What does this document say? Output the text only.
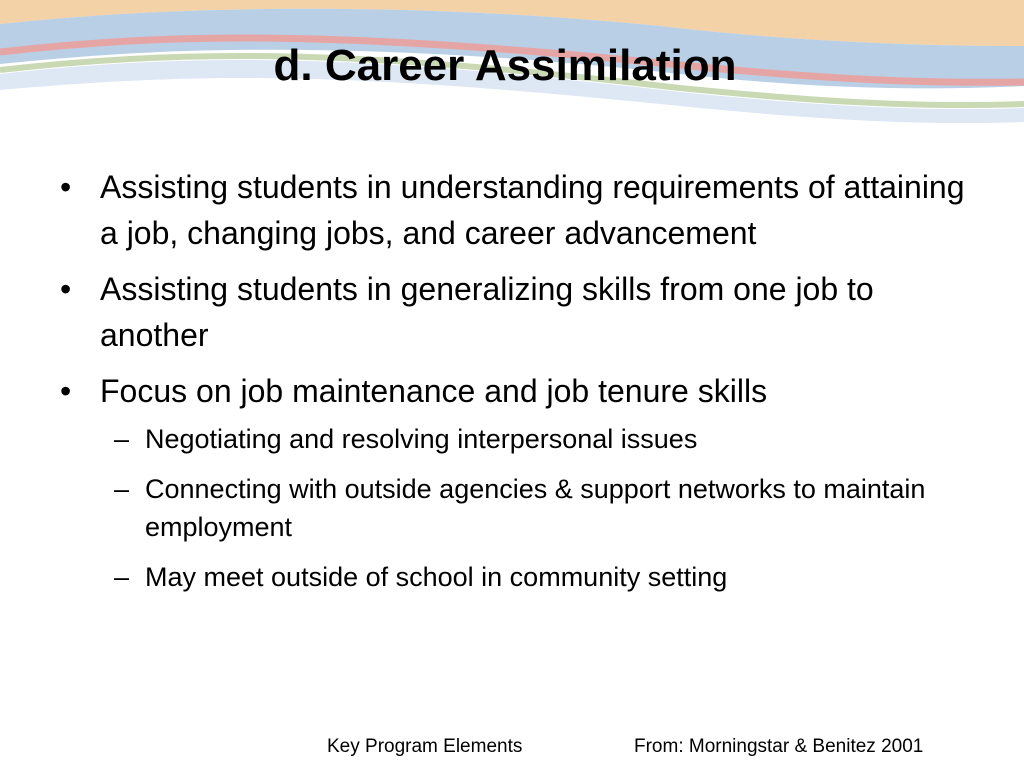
d. Career Assimilation
• Assisting students in understanding requirements of attaining a job, changing jobs, and career advancement
• Assisting students in generalizing skills from one job to another
• Focus on job maintenance and job tenure skills
– Negotiating and resolving interpersonal issues
– Connecting with outside agencies & support networks to maintain employment
– May meet outside of school in community setting
Key Program Elements	From: Morningstar & Benitez 2001
